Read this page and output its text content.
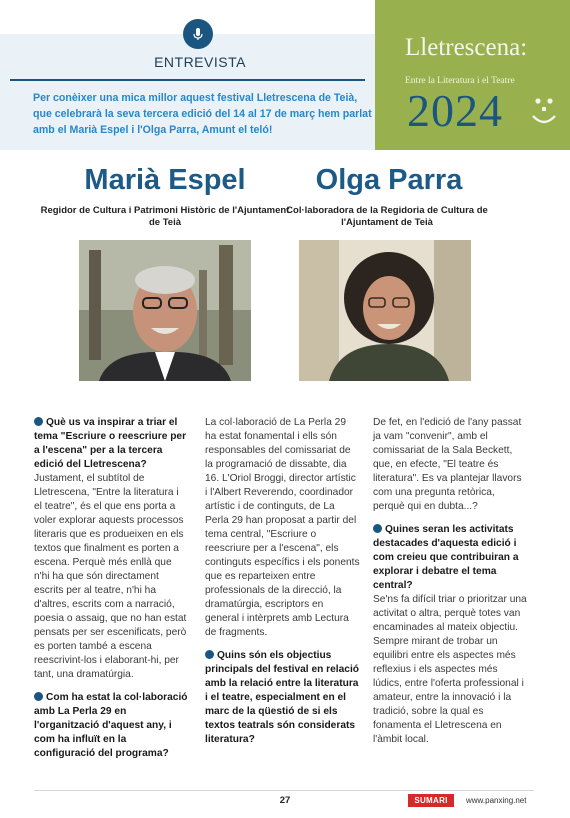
ENTREVISTA

Per conèixer una mica millor aquest festival Lletrescena de Teià, que celebrarà la seva tercera edició del 14 al 17 de març hem parlat amb el Marià Espel i l'Olga Parra, Amunt el teló!

Lletrescena:
Entre la Literatura i el Teatre
2024
Marià Espel	Olga Parra
Regidor de Cultura i Patrimoni Històric de l'Ajuntament de Teià
Col·laboradora de la Regidoria de Cultura de l'Ajuntament de Teià

Què us va inspirar a triar el tema "Escriure o reescriure per a l'escena" per a la tercera edició del Lletrescena?

Justament, el subtítol de Lletrescena, "Entre la literatura i el teatre", és el que ens porta a voler explorar aquests processos literaris que es produeixen en els textos que finalment es porten a escena. Perquè més enllà que n'hi ha que són directament escrits per al teatre, n'hi ha d'altres, escrits com a narració, poesia o assaig, que no han estat pensats per ser escenificats, però es porten també a escena reescrivint-los i elaborant-hi, per tant, una dramatúrgia.

Com ha estat la col·laboració amb La Perla 29 en l'organització d'aquest any, i com ha influït en la configuració del programa?

La col·laboració de La Perla 29 ha estat fonamental i ells són responsables del comissariat de la programació de dissabte, dia 16. L'Oriol Broggi, director artístic i l'Albert Reverendo, coordinador artístic i de continguts, de La Perla 29 han proposat a partir del tema central, "Escriure o reescriure per a l'escena", els continguts específics i els ponents que es reparteixen entre professionals de la direcció, la dramatúrgia, escriptors en general i intèrprets amb Lectura de fragments.

Quins són els objectius principals del festival en relació amb la relació entre la literatura i el teatre, especialment en el marc de la qüestió de si els textos teatrals són considerats literatura?

De fet, en l'edició de l'any passat ja vam "convenir", amb el comissariat de la Sala Beckett, que, en efecte, "El teatre és literatura". Es va plantejar llavors com una pregunta retòrica, perquè qui en dubta...?

Quines seran les activitats destacades d'aquesta edició i com creieu que contribuiran a explorar i debatre el tema central?

Se'ns fa difícil triar o prioritzar una activitat o altra, perquè totes van encaminades al mateix objectiu. Sempre mirant de trobar un equilibri entre els aspectes més reflexius i els aspectes més lúdics, entre l'oferta professional i amateur, entre la innovació i la tradició, sobre la qual es fonamenta el Lletrescena en l'àmbit local.

27	SUMARI	www.panxing.net
